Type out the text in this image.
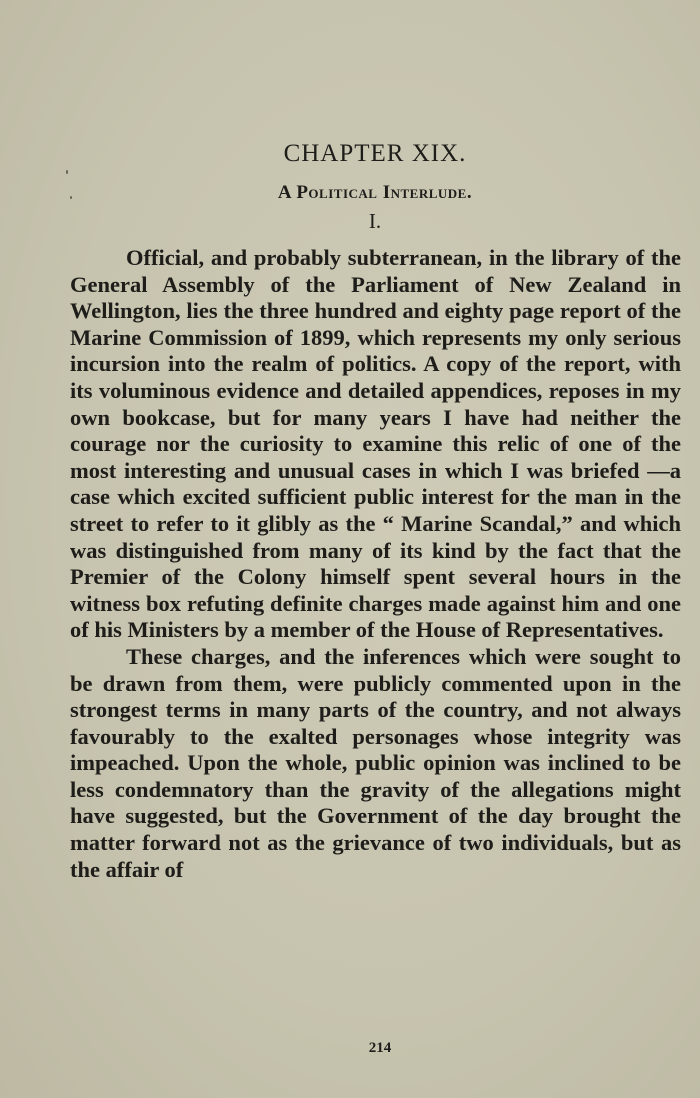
CHAPTER XIX.
A Political Interlude.
I.

Official, and probably subterranean, in the library of the General Assembly of the Parliament of New Zealand in Wellington, lies the three hundred and eighty page report of the Marine Commission of 1899, which represents my only serious incursion into the realm of politics. A copy of the report, with its voluminous evidence and detailed appendices, reposes in my own bookcase, but for many years I have had neither the courage nor the curiosity to examine this relic of one of the most interesting and unusual cases in which I was briefed —a case which excited sufficient public interest for the man in the street to refer to it glibly as the “ Marine Scandal,” and which was distinguished from many of its kind by the fact that the Premier of the Colony himself spent several hours in the witness box refuting definite charges made against him and one of his Ministers by a member of the House of Representatives.

These charges, and the inferences which were sought to be drawn from them, were publicly commented upon in the strongest terms in many parts of the country, and not always favourably to the exalted personages whose integrity was impeached. Upon the whole, public opinion was inclined to be less condemnatory than the gravity of the allegations might have suggested, but the Government of the day brought the matter forward not as the grievance of two individuals, but as the affair of

214
